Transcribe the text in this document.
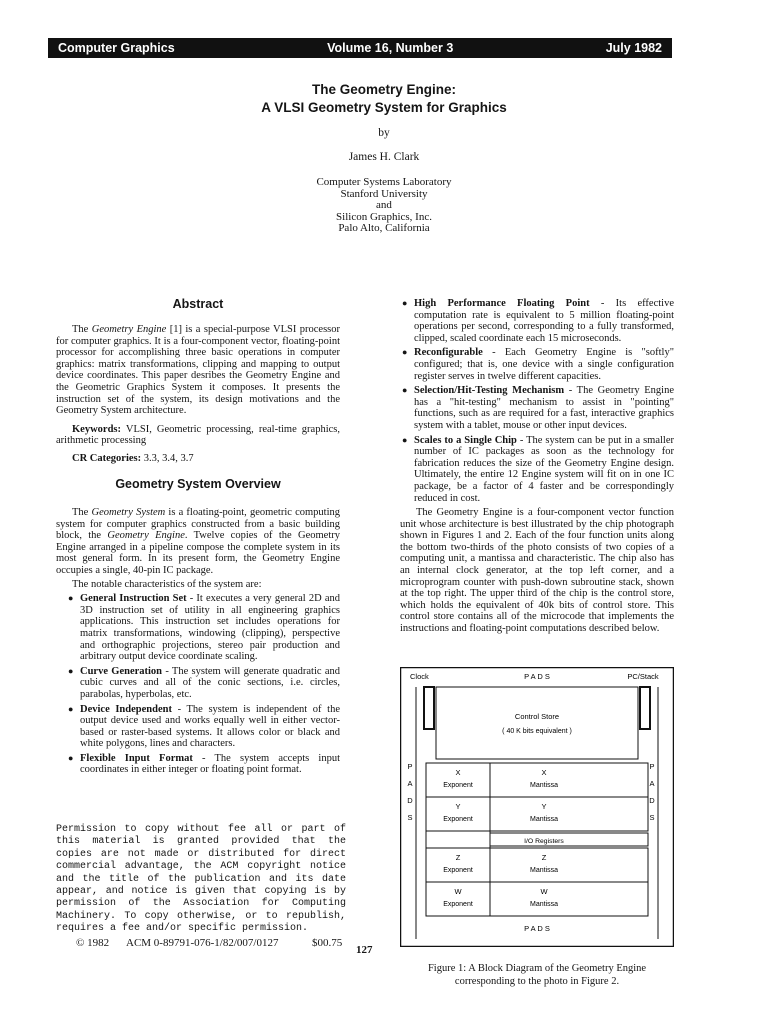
Computer Graphics	Volume 16, Number 3	July 1982
The Geometry Engine:
A VLSI Geometry System for Graphics
by
James H. Clark
Computer Systems Laboratory
Stanford University
and
Silicon Graphics, Inc.
Palo Alto, California
Abstract

The Geometry Engine [1] is a special-purpose VLSI processor for computer graphics. It is a four-component vector, floating-point processor for accomplishing three basic operations in computer graphics: matrix transformations, clipping and mapping to output device coordinates. This paper desribes the Geometry Engine and the Geometric Graphics System it composes. It presents the instruction set of the system, its design motivations and the Geometry System architecture.

Keywords: VLSI, Geometric processing, real-time graphics, arithmetic processing

CR Categories: 3.3, 3.4, 3.7

Geometry System Overview

The Geometry System is a floating-point, geometric computing system for computer graphics constructed from a basic building block, the Geometry Engine. Twelve copies of the Geometry Engine arranged in a pipeline compose the complete system in its most general form. In its present form, the Geometry Engine occupies a single, 40-pin IC package.

The notable characteristics of the system are:

● General Instruction Set - It executes a very general 2D and 3D instruction set of utility in all engineering graphics applications. This instruction set includes operations for matrix transformations, windowing (clipping), perspective and orthographic projections, stereo pair production and arbitrary output device coordinate scaling.
● Curve Generation - The system will generate quadratic and cubic curves and all of the conic sections, i.e. circles, parabolas, hyperbolas, etc.
● Device Independent - The system is independent of the output device used and works equally well in either vector-based or raster-based systems. It allows color or black and white polygons, lines and characters.
● Flexible Input Format - The system accepts input coordinates in either integer or floating point format.
Permission to copy without fee all or part of this material is granted provided that the copies are not made or distributed for direct commercial advantage, the ACM copyright notice and the title of the publication and its date appear, and notice is given that copying is by permission of the Association for Computing Machinery. To copy otherwise, or to republish, requires a fee and/or specific permission.
© 1982 ACM 0-89791-076-1/82/007/0127	$00.75
127
● High Performance Floating Point - Its effective computation rate is equivalent to 5 million floating-point operations per second, corresponding to a fully transformed, clipped, scaled coordinate each 15 microseconds.
● Reconfigurable - Each Geometry Engine is "softly" configured; that is, one device with a single configuration register serves in twelve different capacities.
● Selection/Hit-Testing Mechanism - The Geometry Engine has a "hit-testing" mechanism to assist in "pointing" functions, such as are required for a fast, interactive graphics system with a tablet, mouse or other input devices.
● Scales to a Single Chip - The system can be put in a smaller number of IC packages as soon as the technology for fabrication reduces the size of the Geometry Engine design. Ultimately, the entire 12 Engine system will fit on in one IC package, be a factor of 4 faster and be correspondingly reduced in cost.

The Geometry Engine is a four-component vector function unit whose architecture is best illustrated by the chip photograph shown in Figures 1 and 2. Each of the four function units along the bottom two-thirds of the photo consists of two copies of a computing unit, a mantissa and characteristic. The chip also has an internal clock generator, at the top left corner, and a microprogram counter with push-down subroutine stack, shown at the top right. The upper third of the chip is the control store, which holds the equivalent of 40k bits of control store. This control store contains all of the microcode that implements the instructions and floating-point computations described below.

Clock	P A D S	PC/Stack
Control Store
( 40 K bits equivalent )
P
A
D
S
P
A
D
S
X
Exponent
X
Mantissa
Y
Exponent
Y
Mantissa
I/O Registers
Z
Exponent
Z
Mantissa
W
Exponent
W
Mantissa
P A D S
Figure 1: A Block Diagram of the Geometry Engine
corresponding to the photo in Figure 2.
